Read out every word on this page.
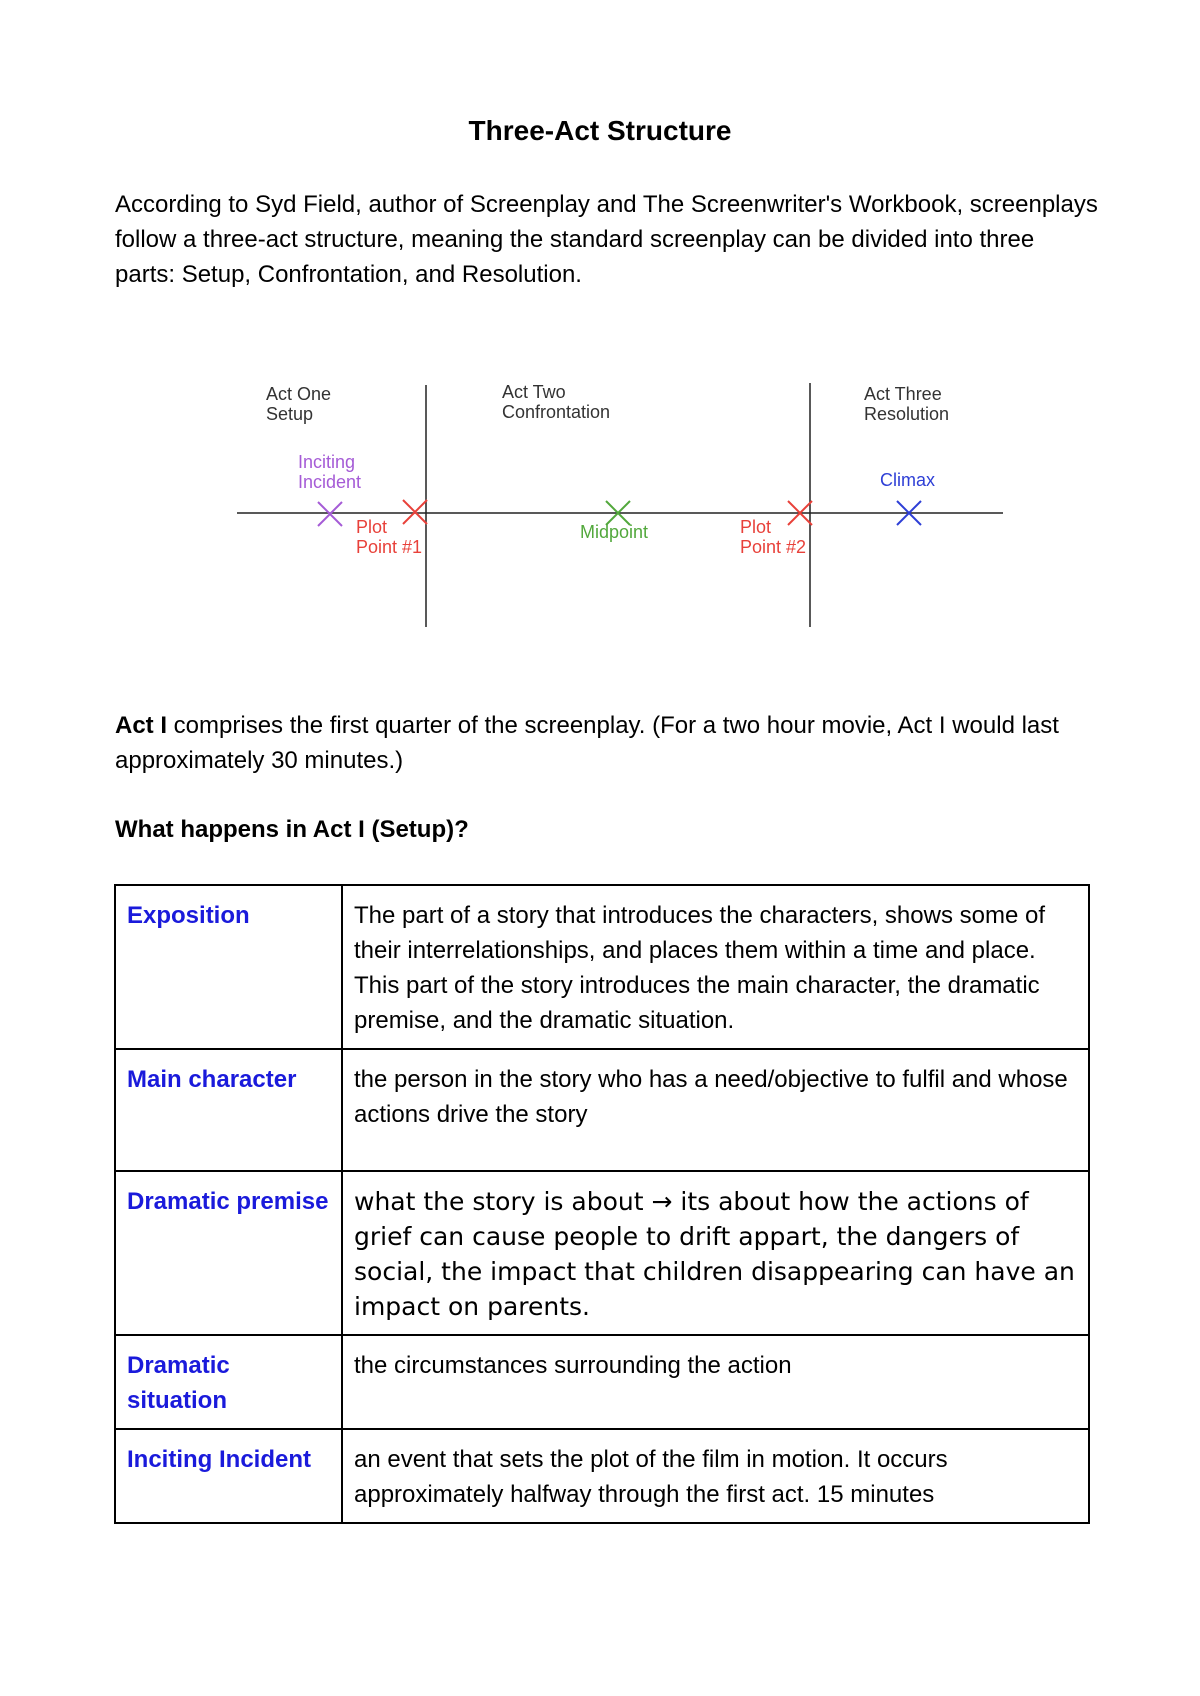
Three-Act Structure

According to Syd Field, author of Screenplay and The Screenwriter's Workbook, screenplays follow a three-act structure, meaning the standard screenplay can be divided into three parts: Setup, Confrontation, and Resolution.

Act One
Setup
Act Two
Confrontation
Act Three
Resolution
Inciting
Incident
Plot
Point #1
Midpoint	Plot
Point #2
Climax

Act I comprises the first quarter of the screenplay. (For a two hour movie, Act I would last approximately 30 minutes.)

What happens in Act I (Setup)?

Exposition	The part of a story that introduces the characters, shows some of their interrelationships, and places them within a time and place. This part of the story introduces the main character, the dramatic premise, and the dramatic situation.
Main character	the person in the story who has a need/objective to fulfil and whose actions drive the story
Dramatic premise	what the story is about → its about how the actions of grief can cause people to drift appart, the dangers of social, the impact that children disappearing can have an impact on parents.
Dramatic situation	the circumstances surrounding the action
Inciting Incident	an event that sets the plot of the film in motion. It occurs approximately halfway through the first act. 15 minutes
